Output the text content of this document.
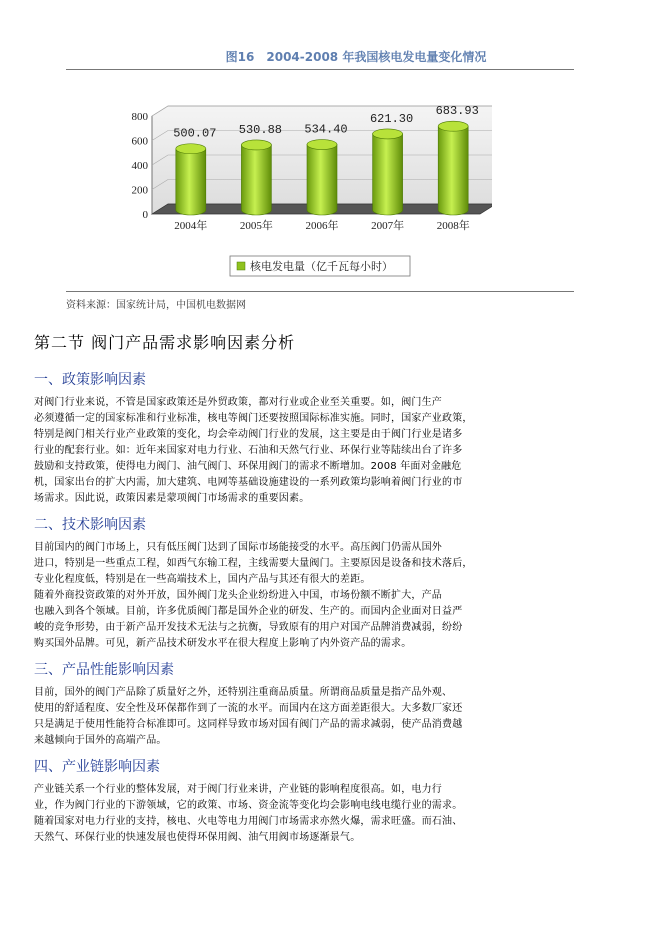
图16　2004-2008 年我国核电发电量变化情况
0
200
400
600
800
500.07
2004年
530.88
2005年
534.40
2006年
621.30
2007年
683.93
2008年
核电发电量（亿千瓦每小时）
资料来源：国家统计局，中国机电数据网
第二节 阀门产品需求影响因素分析
一、政策影响因素

对阀门行业来说，不管是国家政策还是外贸政策，都对行业或企业至关重要。如，阀门生产
必须遵循一定的国家标准和行业标准，核电等阀门还要按照国际标准实施。同时，国家产业政策，
特别是阀门相关行业产业政策的变化，均会牵动阀门行业的发展，这主要是由于阀门行业是诸多
行业的配套行业。如：近年来国家对电力行业、石油和天然气行业、环保行业等陆续出台了许多
鼓励和支持政策，使得电力阀门、油气阀门、环保用阀门的需求不断增加。2008 年面对金融危
机，国家出台的扩大内需，加大建筑、电网等基础设施建设的一系列政策均影响着阀门行业的市
场需求。因此说，政策因素是蒙项阀门市场需求的重要因素。

二、技术影响因素

目前国内的阀门市场上，只有低压阀门达到了国际市场能接受的水平。高压阀门仍需从国外
进口，特别是一些重点工程，如西气东输工程，主线需要大量阀门。主要原因是设备和技术落后，
专业化程度低，特别是在一些高端技术上，国内产品与其还有很大的差距。
随着外商投资政策的对外开放，国外阀门龙头企业纷纷进入中国，市场份额不断扩大，产品
也融入到各个领域。目前，许多优质阀门都是国外企业的研发、生产的。而国内企业面对日益严
峻的竞争形势，由于新产品开发技术无法与之抗衡，导致原有的用户对国产品牌消费减弱，纷纷
购买国外品牌。可见，新产品技术研发水平在很大程度上影响了内外资产品的需求。

三、产品性能影响因素

目前，国外的阀门产品除了质量好之外，还特别注重商品质量。所谓商品质量是指产品外观、
使用的舒适程度、安全性及环保都作到了一流的水平。而国内在这方面差距很大。大多数厂家还
只是满足于使用性能符合标准即可。这同样导致市场对国有阀门产品的需求减弱，使产品消费越
来越倾向于国外的高端产品。

四、产业链影响因素

产业链关系一个行业的整体发展，对于阀门行业来讲，产业链的影响程度很高。如，电力行
业，作为阀门行业的下游领域，它的政策、市场、资金流等变化均会影响电线电缆行业的需求。
随着国家对电力行业的支持，核电、火电等电力用阀门市场需求亦然火爆，需求旺盛。而石油、
天然气、环保行业的快速发展也使得环保用阀、油气用阀市场逐渐景气。
